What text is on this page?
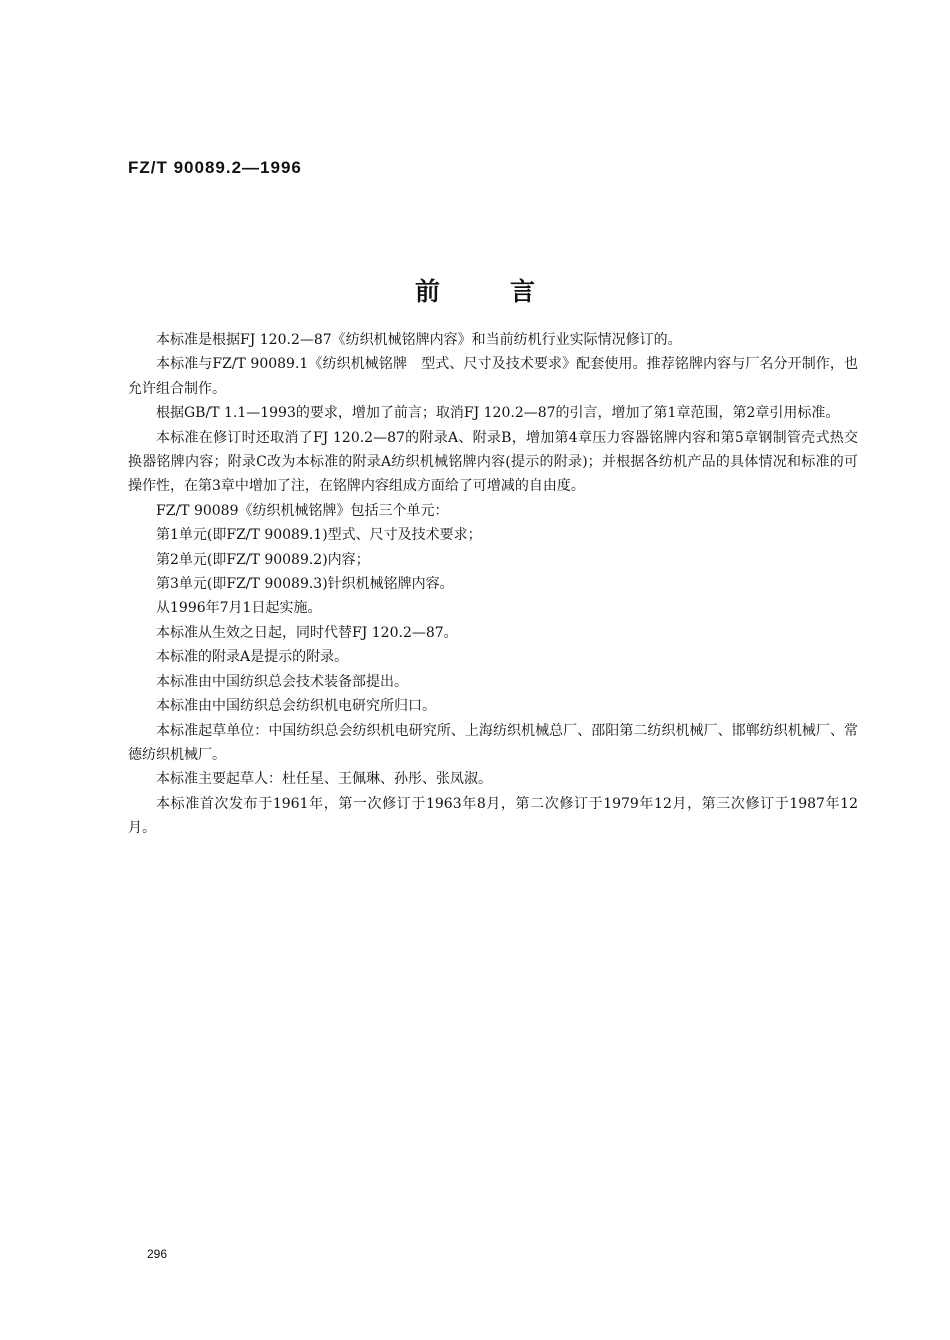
FZ/T 90089.2—1996
前言

本标准是根据FJ 120.2—87《纺织机械铭牌内容》和当前纺机行业实际情况修订的。

本标准与FZ/T 90089.1《纺织机械铭牌　型式、尺寸及技术要求》配套使用。推荐铭牌内容与厂名分开制作，也允许组合制作。

根据GB/T 1.1—1993的要求，增加了前言；取消FJ 120.2—87的引言，增加了第1章范围，第2章引用标准。

本标准在修订时还取消了FJ 120.2—87的附录A、附录B，增加第4章压力容器铭牌内容和第5章钢制管壳式热交换器铭牌内容；附录C改为本标准的附录A纺织机械铭牌内容(提示的附录)；并根据各纺机产品的具体情况和标准的可操作性，在第3章中增加了注，在铭牌内容组成方面给了可增减的自由度。

FZ/T 90089《纺织机械铭牌》包括三个单元：

第1单元(即FZ/T 90089.1)型式、尺寸及技术要求；

第2单元(即FZ/T 90089.2)内容；

第3单元(即FZ/T 90089.3)针织机械铭牌内容。

从1996年7月1日起实施。

本标准从生效之日起，同时代替FJ 120.2—87。

本标准的附录A是提示的附录。

本标准由中国纺织总会技术装备部提出。

本标准由中国纺织总会纺织机电研究所归口。

本标准起草单位：中国纺织总会纺织机电研究所、上海纺织机械总厂、邵阳第二纺织机械厂、邯郸纺织机械厂、常德纺织机械厂。

本标准主要起草人：杜任星、王佩琳、孙彤、张凤淑。

本标准首次发布于1961年，第一次修订于1963年8月，第二次修订于1979年12月，第三次修订于1987年12月。

296
